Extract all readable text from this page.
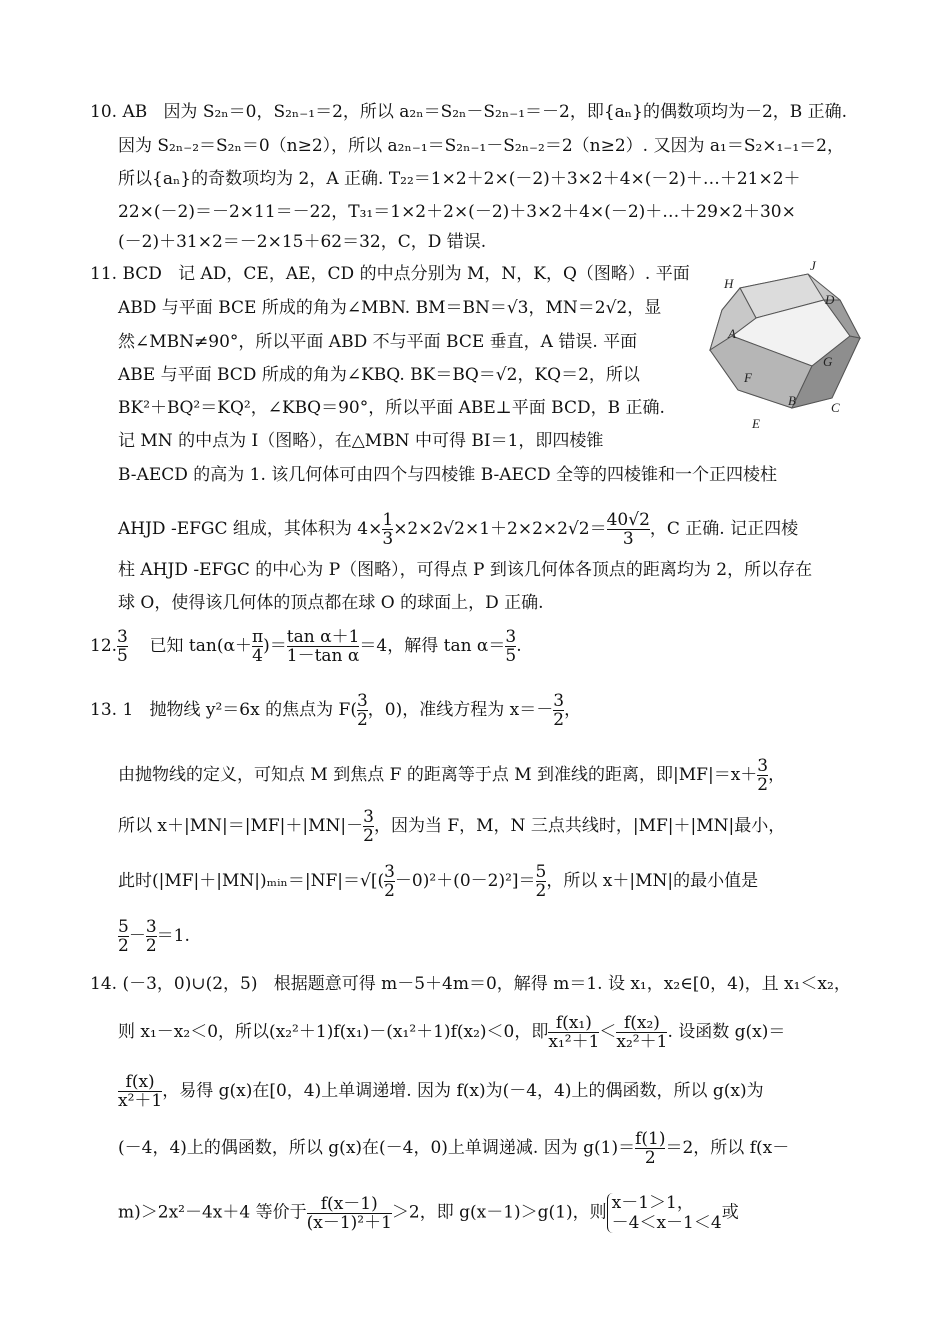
10. AB 因为 S₂ₙ＝0，S₂ₙ₋₁＝2，所以 a₂ₙ＝S₂ₙ－S₂ₙ₋₁＝－2，即{aₙ}的偶数项均为－2，B 正确.
因为 S₂ₙ₋₂＝S₂ₙ＝0（n≥2），所以 a₂ₙ₋₁＝S₂ₙ₋₁－S₂ₙ₋₂＝2（n≥2）. 又因为 a₁＝S₂×₁₋₁＝2，
所以{aₙ}的奇数项均为 2，A 正确. T₂₂＝1×2＋2×(－2)＋3×2＋4×(－2)＋…＋21×2＋
22×(－2)＝－2×11＝－22，T₃₁＝1×2＋2×(－2)＋3×2＋4×(－2)＋…＋29×2＋30×
(－2)＋31×2＝－2×15＋62＝32，C，D 错误.
11. BCD 记 AD，CE，AE，CD 的中点分别为 M，N，K，Q（图略）. 平面
ABD 与平面 BCE 所成的角为∠MBN. BM＝BN＝√3，MN＝2√2，显
然∠MBN≠90°，所以平面 ABD 不与平面 BCE 垂直，A 错误. 平面
ABE 与平面 BCD 所成的角为∠KBQ. BK＝BQ＝√2，KQ＝2，所以
BK²＋BQ²＝KQ²，∠KBQ＝90°，所以平面 ABE⊥平面 BCD，B 正确.
记 MN 的中点为 I（图略），在△MBN 中可得 BI＝1，即四棱锥
B-AECD 的高为 1. 该几何体可由四个与四棱锥 B-AECD 全等的四棱锥和一个正四棱柱
AHJD -EFGC 组成，其体积为 $4\times \frac{1}{3} \times 2\times 2√2\times 1+2\times 2\times 2√2= \frac{40√2}{3}$ ，C 正确. 记正四棱
柱 AHJD -EFGC 的中心为 P（图略），可得点 P 到该几何体各顶点的距离均为 2，所以存在
球 O，使得该几何体的顶点都在球 O 的球面上，D 正确.
H
J
D
A
G
F
B	C
E
12. $\frac{3}{5}$ 已知 $\tan(\alpha+ \frac{\pi}{4}$ )＝ $\frac{\text{tan α＋1}}{\text{1－tan α}} =4$，解得 $\tan \alpha= \frac{3}{5}$ .
13. 1 抛物线 y²＝6x 的焦点为 $F( \frac{3}{2}$ ，0)，准线方程为 $x=- \frac{3}{2}$ ，
由抛物线的定义，可知点 M 到焦点 F 的距离等于点 M 到准线的距离，即$|MF|=x+ \frac{3}{2}$ ，
所以 $x+|MN|=|MF|+|MN|- \frac{3}{2}$ ，因为当 F，M，N 三点共线时，|MF|＋|MN|最小，
此时(|MF|＋|MN|)ₘᵢₙ＝|NF|＝√[( $\frac{3}{2} -0)^2+(0-2)^2]= \frac{5}{2}$ ，所以 x＋|MN|的最小值是
$\frac{5}{2} - \frac{3}{2} =1$.
14. (－3，0)∪(2，5) 根据题意可得 m－5＋4m＝0，解得 m＝1. 设 x₁，x₂∈[0，4)，且 x₁＜x₂，
则 x₁－x₂＜0，所以(x₂²＋1)f(x₁)－(x₁²＋1)f(x₂)＜0，即 $\frac{\text{f(x₁)}}{\text{x₁²＋1}} < \frac{\text{f(x₂)}}{\text{x₂²＋1}}$ . 设函数 g(x)＝
$\frac{f(x)}{\text{x²＋1}}$ ，易得 g(x)在[0，4)上单调递增. 因为 f(x)为(－4，4)上的偶函数，所以 g(x)为
(－4，4)上的偶函数，所以 g(x)在(－4，0)上单调递减. 因为 $g(1)= \frac{f(1)}{2} =2$，所以 f(x－
m)＞2x²－4x＋4 等价于 $\frac{f(x-1)}{\text{(x－1)²＋1}} >2$，即 g(x－1)＞g(1)，则 x－1＞1，
－4＜x－1＜4
或
